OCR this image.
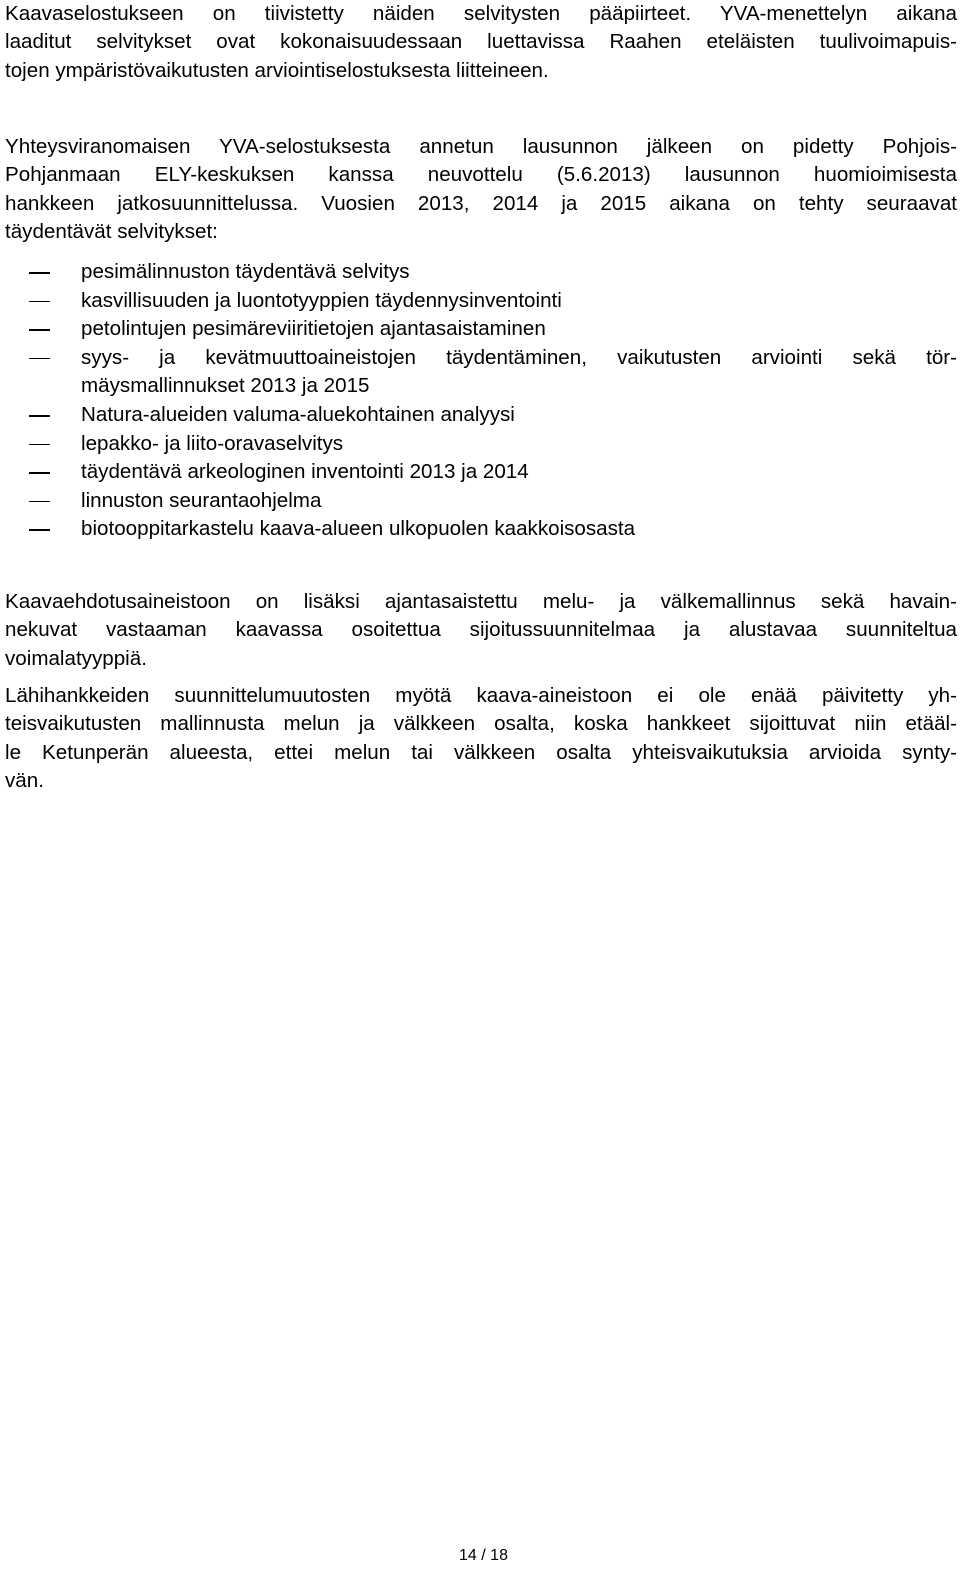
Kaavaselostukseen on tiivistetty näiden selvitysten pääpiirteet. YVA-menettelyn aikana
laaditut selvitykset ovat kokonaisuudessaan luettavissa Raahen eteläisten tuulivoimapuis-
tojen ympäristövaikutusten arviointiselostuksesta liitteineen.

Yhteysviranomaisen YVA-selostuksesta annetun lausunnon jälkeen on pidetty Pohjois-
Pohjanmaan ELY-keskuksen kanssa neuvottelu (5.6.2013) lausunnon huomioimisesta
hankkeen jatkosuunnittelussa. Vuosien 2013, 2014 ja 2015 aikana on tehty seuraavat
täydentävät selvitykset:

pesimälinnuston täydentävä selvitys
kasvillisuuden ja luontotyyppien täydennysinventointi
petolintujen pesimäreviiritietojen ajantasaistaminen
syys- ja kevätmuuttoaineistojen täydentäminen, vaikutusten arviointi sekä tör-
mäysmallinnukset 2013 ja 2015
Natura-alueiden valuma-aluekohtainen analyysi
lepakko- ja liito-oravaselvitys
täydentävä arkeologinen inventointi 2013 ja 2014
linnuston seurantaohjelma
biotooppitarkastelu kaava-alueen ulkopuolen kaakkoisosasta

Kaavaehdotusaineistoon on lisäksi ajantasaistettu melu- ja välkemallinnus sekä havain-
nekuvat vastaaman kaavassa osoitettua sijoitussuunnitelmaa ja alustavaa suunniteltua
voimalatyyppiä.

Lähihankkeiden suunnittelumuutosten myötä kaava-aineistoon ei ole enää päivitetty yh-
teisvaikutusten mallinnusta melun ja välkkeen osalta, koska hankkeet sijoittuvat niin etääl-
le Ketunperän alueesta, ettei melun tai välkkeen osalta yhteisvaikutuksia arvioida synty-
vän.

14 / 18
